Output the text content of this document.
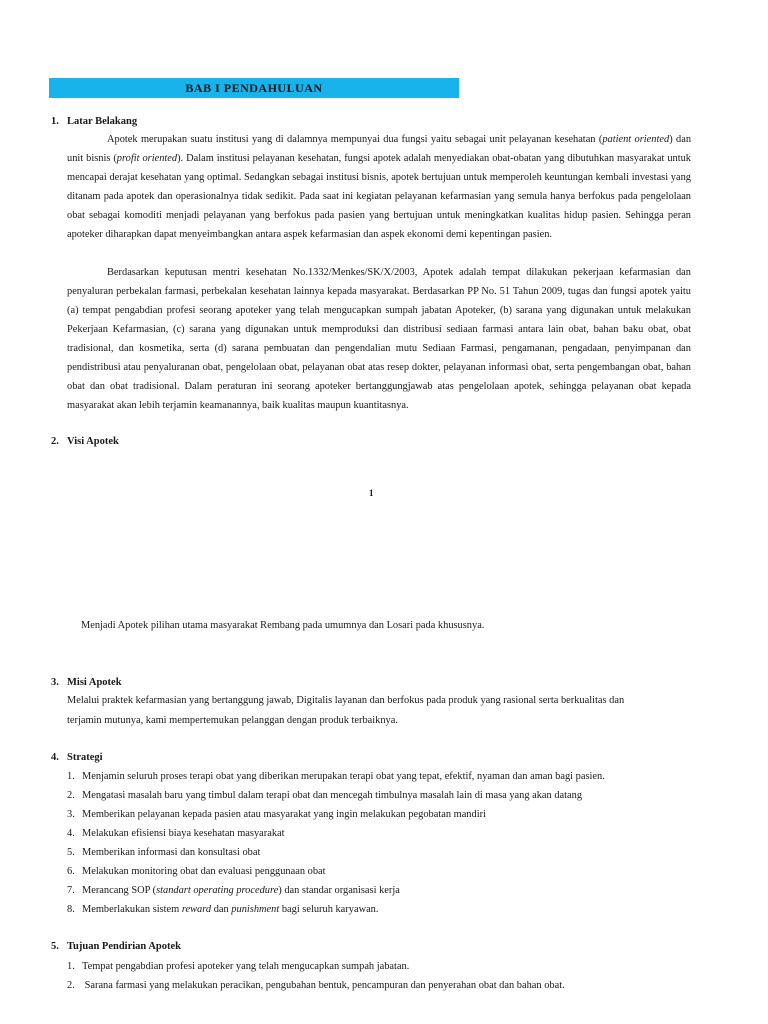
BAB I PENDAHULUAN
1. Latar Belakang
Apotek merupakan suatu institusi yang di dalamnya mempunyai dua fungsi yaitu sebagai unit pelayanan kesehatan (patient oriented) dan unit bisnis (profit oriented). Dalam institusi pelayanan kesehatan, fungsi apotek adalah menyediakan obat-obatan yang dibutuhkan masyarakat untuk mencapai derajat kesehatan yang optimal. Sedangkan sebagai institusi bisnis, apotek bertujuan untuk memperoleh keuntungan kembali investasi yang ditanam pada apotek dan operasionalnya tidak sedikit. Pada saat ini kegiatan pelayanan kefarmasian yang semula hanya berfokus pada pengelolaan obat sebagai komoditi menjadi pelayanan yang berfokus pada pasien yang bertujuan untuk meningkatkan kualitas hidup pasien. Sehingga peran apoteker diharapkan dapat menyeimbangkan antara aspek kefarmasian dan aspek ekonomi demi kepentingan pasien.
Berdasarkan keputusan mentri kesehatan No.1332/Menkes/SK/X/2003, Apotek adalah tempat dilakukan pekerjaan kefarmasian dan penyaluran perbekalan farmasi, perbekalan kesehatan lainnya kepada masyarakat. Berdasarkan PP No. 51 Tahun 2009, tugas dan fungsi apotek yaitu (a) tempat pengabdian profesi seorang apoteker yang telah mengucapkan sumpah jabatan Apoteker, (b) sarana yang digunakan untuk melakukan Pekerjaan Kefarmasian, (c) sarana yang digunakan untuk memproduksi dan distribusi sediaan farmasi antara lain obat, bahan baku obat, obat tradisional, dan kosmetika, serta (d) sarana pembuatan dan pengendalian mutu Sediaan Farmasi, pengamanan, pengadaan, penyimpanan dan pendistribusi atau penyaluranan obat, pengelolaan obat, pelayanan obat atas resep dokter, pelayanan informasi obat, serta pengembangan obat, bahan obat dan obat tradisional. Dalam peraturan ini seorang apoteker bertanggungjawab atas pengelolaan apotek, sehingga pelayanan obat kepada masyarakat akan lebih terjamin keamanannya, baik kualitas maupun kuantitasnya.
2. Visi Apotek
1
Menjadi Apotek pilihan utama masyarakat Rembang pada umumnya dan Losari pada khususnya.
3. Misi Apotek
Melalui praktek kefarmasian yang bertanggung jawab, Digitalis layanan dan berfokus pada produk yang rasional serta berkualitas dan
terjamin mutunya, kami mempertemukan pelanggan dengan produk terbaiknya.
4. Strategi
1. Menjamin seluruh proses terapi obat yang diberikan merupakan terapi obat yang tepat, efektif, nyaman dan aman bagi pasien.
2. Mengatasi masalah baru yang timbul dalam terapi obat dan mencegah timbulnya masalah lain di masa yang akan datang
3. Memberikan pelayanan kepada pasien atau masyarakat yang ingin melakukan pegobatan mandiri
4. Melakukan efisiensi biaya kesehatan masyarakat
5. Memberikan informasi dan konsultasi obat
6. Melakukan monitoring obat dan evaluasi penggunaan obat
7. Merancang SOP (standart operating procedure) dan standar organisasi kerja
8. Memberlakukan sistem reward dan punishment bagi seluruh karyawan.
5. Tujuan Pendirian Apotek
1. Tempat pengabdian profesi apoteker yang telah mengucapkan sumpah jabatan.
2. Sarana farmasi yang melakukan peracikan, pengubahan bentuk, pencampuran dan penyerahan obat dan bahan obat.
